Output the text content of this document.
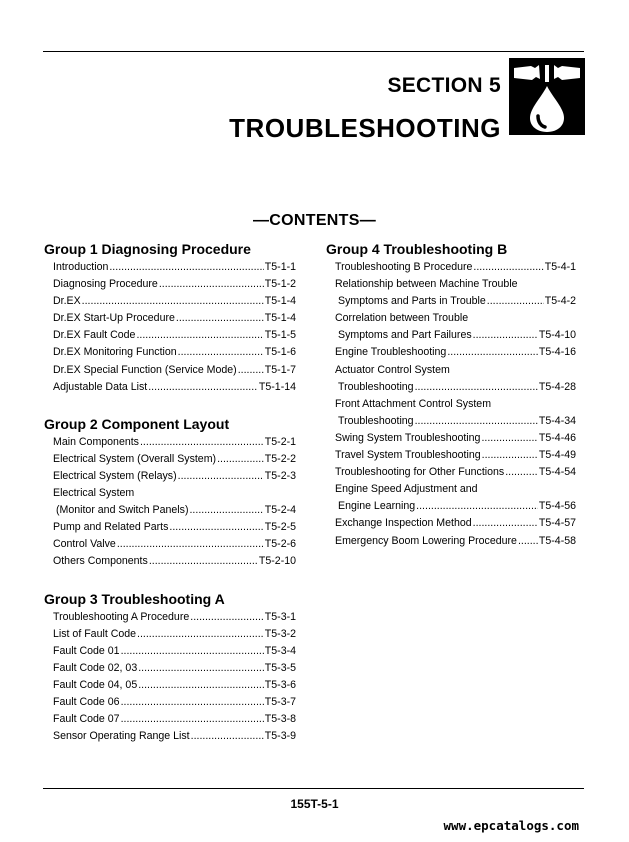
SECTION 5
TROUBLESHOOTING
—CONTENTS—
Group 1 Diagnosing Procedure
Introduction .....	T5-1-1
Diagnosing Procedure .....	T5-1-2
Dr.EX .....	T5-1-4
Dr.EX Start-Up Procedure .....	T5-1-4
Dr.EX Fault Code .....	T5-1-5
Dr.EX Monitoring Function .....	T5-1-6
Dr.EX Special Function (Service Mode) .....	T5-1-7
Adjustable Data List .....	T5-1-14
Group 2 Component Layout
Main Components .....	T5-2-1
Electrical System (Overall System) .....	T5-2-2
Electrical System (Relays) .....	T5-2-3
Electrical System
(Monitor and Switch Panels) .....	T5-2-4
Pump and Related Parts .....	T5-2-5
Control Valve .....	T5-2-6
Others Components .....	T5-2-10
Group 3 Troubleshooting A
Troubleshooting A Procedure .....	T5-3-1
List of Fault Code .....	T5-3-2
Fault Code 01 .....	T5-3-4
Fault Code 02, 03 .....	T5-3-5
Fault Code 04, 05 .....	T5-3-6
Fault Code 06 .....	T5-3-7
Fault Code 07 .....	T5-3-8
Sensor Operating Range List .....	T5-3-9
Group 4 Troubleshooting B
Troubleshooting B Procedure .....	T5-4-1
Relationship between Machine Trouble
Symptoms and Parts in Trouble .....	T5-4-2
Correlation between Trouble
Symptoms and Part Failures .....	T5-4-10
Engine Troubleshooting .....	T5-4-16
Actuator Control System
Troubleshooting .....	T5-4-28
Front Attachment Control System
Troubleshooting .....	T5-4-34
Swing System Troubleshooting .....	T5-4-46
Travel System Troubleshooting .....	T5-4-49
Troubleshooting for Other Functions .....	T5-4-54
Engine Speed Adjustment and
Engine Learning .....	T5-4-56
Exchange Inspection Method .....	T5-4-57
Emergency Boom Lowering Procedure ..... T5-4-58
155T-5-1
www.epcatalogs.com
